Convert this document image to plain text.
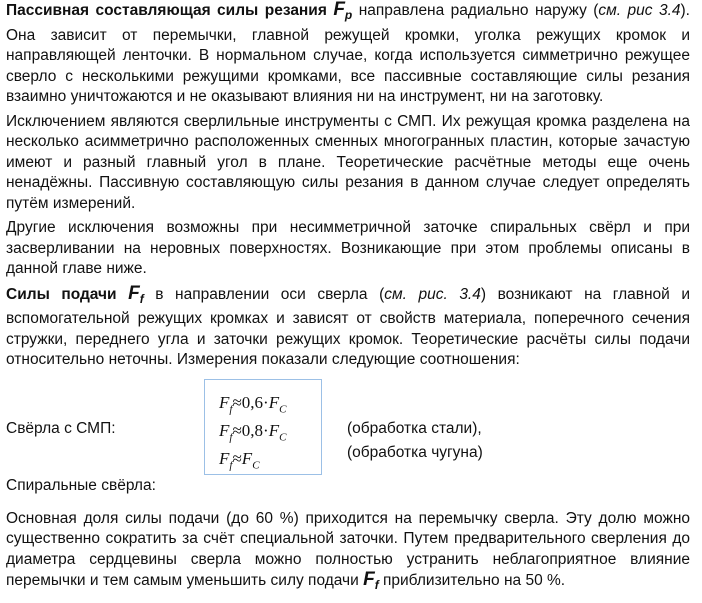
Пассивная составляющая силы резания $F_p$ направлена радиально наружу (см. рис 3.4). Она зависит от перемычки, главной режущей кромки, уголка режущих кромок и направляющей ленточки. В нормальном случае, когда используется симметрично режущее сверло с несколькими режущими кромками, все пассивные составляющие силы резания взаимно уничтожаются и не оказывают влияния ни на инструмент, ни на заготовку.

Исключением являются сверлильные инструменты с СМП. Их режущая кромка разделена на несколько асимметрично расположенных сменных многогранных пластин, которые зачастую имеют и разный главный угол в плане. Теоретические расчётные методы еще очень ненадёжны. Пассивную составляющую силы резания в данном случае следует определять путём измерений.

Другие исключения возможны при несимметричной заточке спиральных свёрл и при засверливании на неровных поверхностях. Возникающие при этом проблемы описаны в данной главе ниже.

Силы подачи $F_f$ в направлении оси сверла (см. рис. 3.4) возникают на главной и вспомогательной режущих кромках и зависят от свойств материала, поперечного сечения стружки, переднего угла и заточки режущих кромок. Теоретические расчёты силы подачи относительно неточны. Измерения показали следующие соотношения:

Свёрла с СМП:
Спиральные свёрла:
$F_f\approx 0,6\cdot F_C$
$F_f\approx 0,8\cdot F_C$
$F_f\approx F_C$
(обработка стали),
(обработка чугуна)

Основная доля силы подачи (до 60 %) приходится на перемычку сверла. Эту долю можно существенно сократить за счёт специальной заточки. Путем предварительного сверления до диаметра сердцевины сверла можно полностью устранить неблагоприятное влияние перемычки и тем самым уменьшить силу подачи $F_f$ приблизительно на 50 %.
